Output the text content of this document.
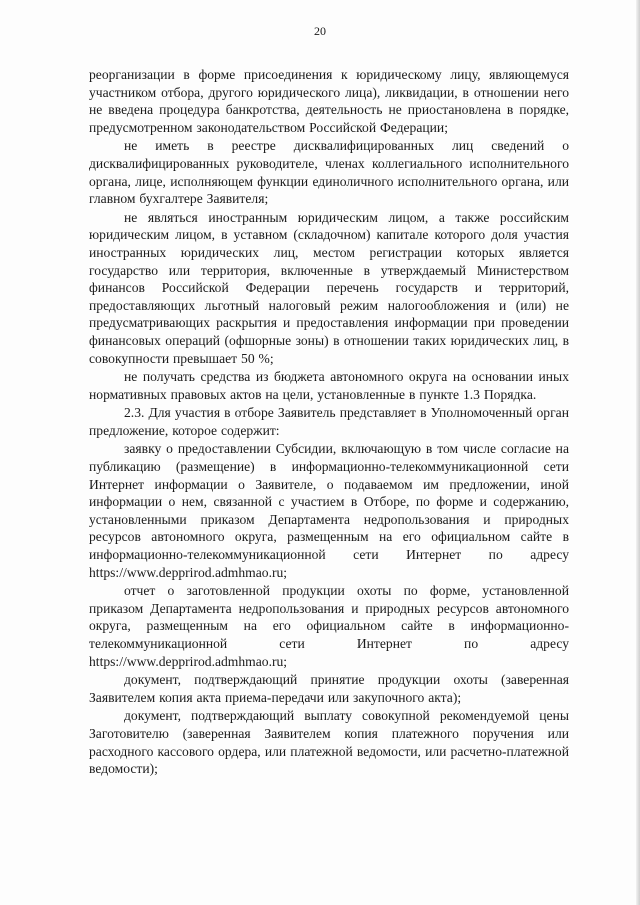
20

реорганизации в форме присоединения к юридическому лицу, являющемуся участником отбора, другого юридического лица), ликвидации, в отношении него не введена процедура банкротства, деятельность не приостановлена в порядке, предусмотренном законодательством Российской Федерации;

не иметь в реестре дисквалифицированных лиц сведений о дисквалифицированных руководителе, членах коллегиального исполнительного органа, лице, исполняющем функции единоличного исполнительного органа, или главном бухгалтере Заявителя;

не являться иностранным юридическим лицом, а также российским юридическим лицом, в уставном (складочном) капитале которого доля участия иностранных юридических лиц, местом регистрации которых является государство или территория, включенные в утверждаемый Министерством финансов Российской Федерации перечень государств и территорий, предоставляющих льготный налоговый режим налогообложения и (или) не предусматривающих раскрытия и предоставления информации при проведении финансовых операций (офшорные зоны) в отношении таких юридических лиц, в совокупности превышает 50 %;

не получать средства из бюджета автономного округа на основании иных нормативных правовых актов на цели, установленные в пункте 1.3 Порядка.

2.3. Для участия в отборе Заявитель представляет в Уполномоченный орган предложение, которое содержит:

заявку о предоставлении Субсидии, включающую в том числе согласие на публикацию (размещение) в информационно-телекоммуникационной сети Интернет информации о Заявителе, о подаваемом им предложении, иной информации о нем, связанной с участием в Отборе, по форме и содержанию, установленными приказом Департамента недропользования и природных ресурсов автономного округа, размещенным на его официальном сайте в информационно-телекоммуникационной сети Интернет по адресу https://www.depprirod.admhmao.ru;

отчет о заготовленной продукции охоты по форме, установленной приказом Департамента недропользования и природных ресурсов автономного округа, размещенным на его официальном сайте в информационно-телекоммуникационной сети Интернет по адресу https://www.depprirod.admhmao.ru;

документ, подтверждающий принятие продукции охоты (заверенная Заявителем копия акта приема-передачи или закупочного акта);

документ, подтверждающий выплату совокупной рекомендуемой цены Заготовителю (заверенная Заявителем копия платежного поручения или расходного кассового ордера, или платежной ведомости, или расчетно-платежной ведомости);
